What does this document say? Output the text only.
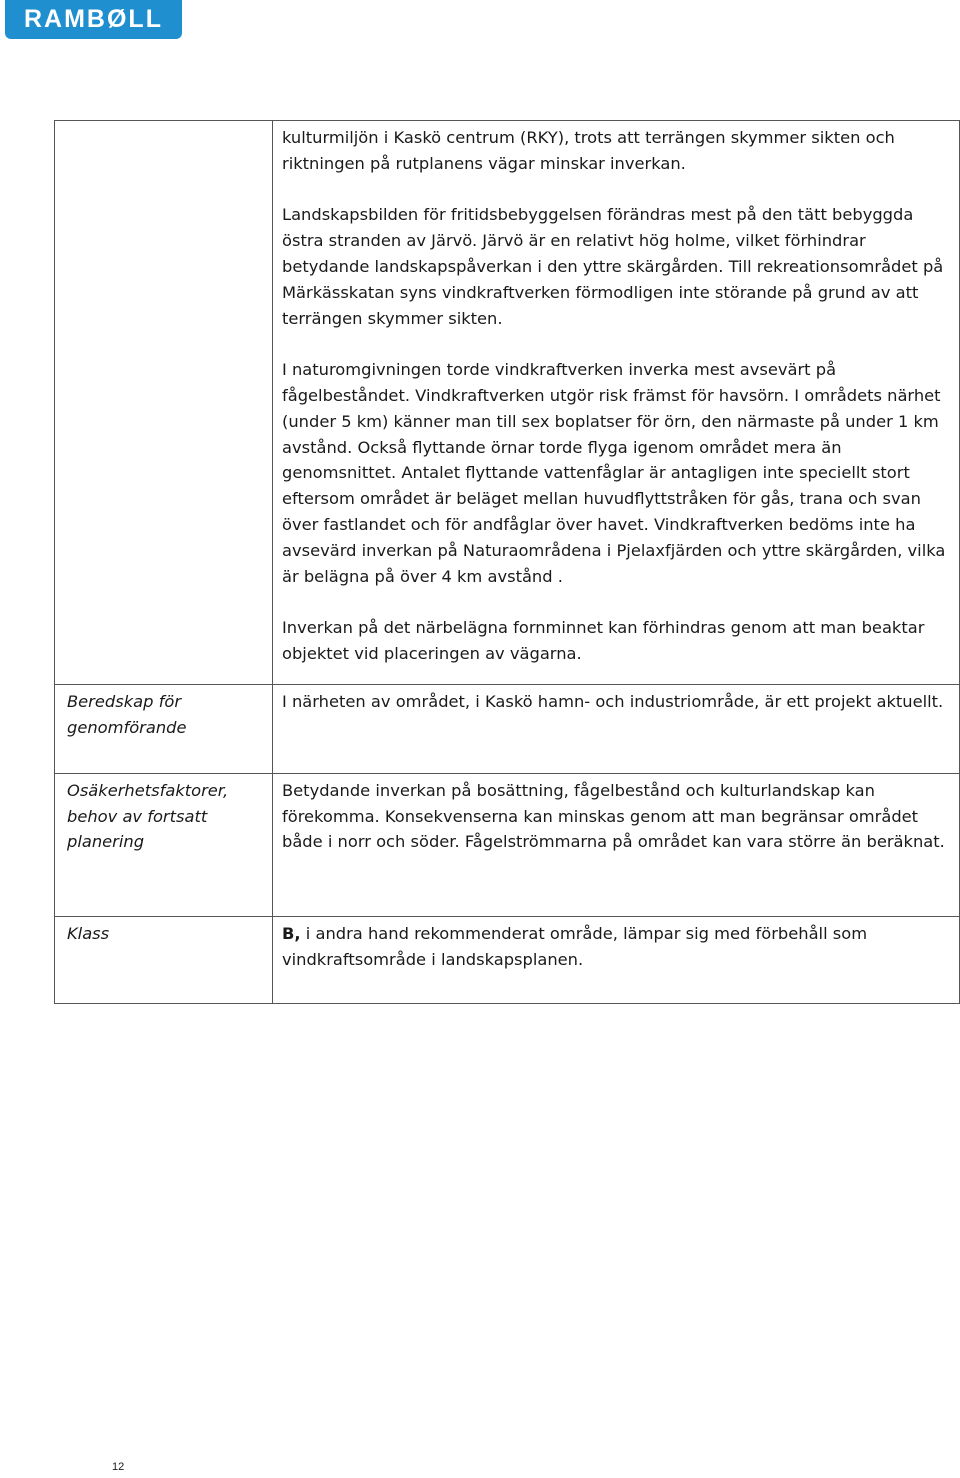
RAMBØLL

	kulturmiljön i Kaskö centrum (RKY), trots att terrängen skymmer sikten och riktningen på rutplanens vägar minskar inverkan.

Landskapsbilden för fritidsbebyggelsen förändras mest på den tätt bebyggda östra stranden av Järvö. Järvö är en relativt hög holme, vilket förhindrar betydande landskapspåverkan i den yttre skärgården. Till rekreationsområdet på Märkässkatan syns vindkraftverken förmodligen inte störande på grund av att terrängen skymmer sikten.

I naturomgivningen torde vindkraftverken inverka mest avsevärt på fågelbeståndet. Vindkraftverken utgör risk främst för havsörn. I områdets närhet (under 5 km) känner man till sex boplatser för örn, den närmaste på under 1 km avstånd. Också flyttande örnar torde flyga igenom området mera än genomsnittet. Antalet flyttande vattenfåglar är antagligen inte speciellt stort eftersom området är beläget mellan huvudflyttstråken för gås, trana och svan över fastlandet och för andfåglar över havet. Vindkraftverken bedöms inte ha avsevärd inverkan på Naturaområdena i Pjelaxfjärden och yttre skärgården, vilka är belägna på över 4 km avstånd .

Inverkan på det närbelägna fornminnet kan förhindras genom att man beaktar objektet vid placeringen av vägarna.

Beredskap för genomförande	I närheten av området, i Kaskö hamn- och industriområde, är ett projekt aktuellt.
Osäkerhetsfaktorer, behov av fortsatt planering	Betydande inverkan på bosättning, fågelbestånd och kulturlandskap kan förekomma. Konsekvenserna kan minskas genom att man begränsar området både i norr och söder. Fågelströmmarna på området kan vara större än beräknat.
Klass	B, i andra hand rekommenderat område, lämpar sig med förbehåll som vindkraftsområde i landskapsplanen.
12
